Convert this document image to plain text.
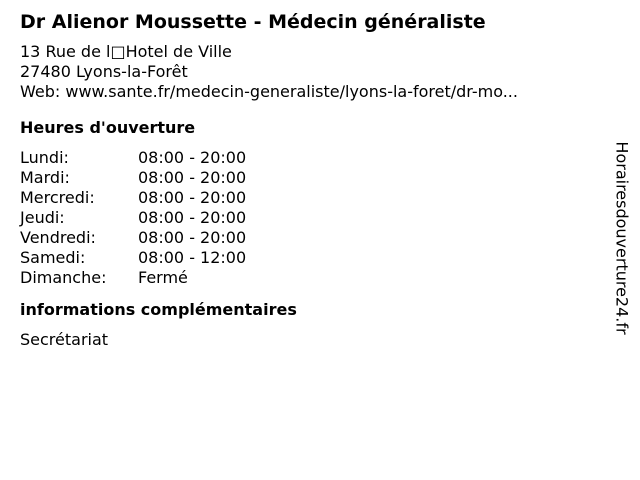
Dr Alienor Moussette - Médecin généraliste
13 Rue de l□Hotel de Ville
27480 Lyons-la-Forêt
Web: www.sante.fr/medecin-generaliste/lyons-la-foret/dr-mo...
Heures d'ouverture
Lundi:	08:00 - 20:00
Mardi:	08:00 - 20:00
Mercredi:	08:00 - 20:00
Jeudi:	08:00 - 20:00
Vendredi:	08:00 - 20:00
Samedi:	08:00 - 12:00
Dimanche:	Fermé
informations complémentaires
Secrétariat
Horairesdouverture24.fr
